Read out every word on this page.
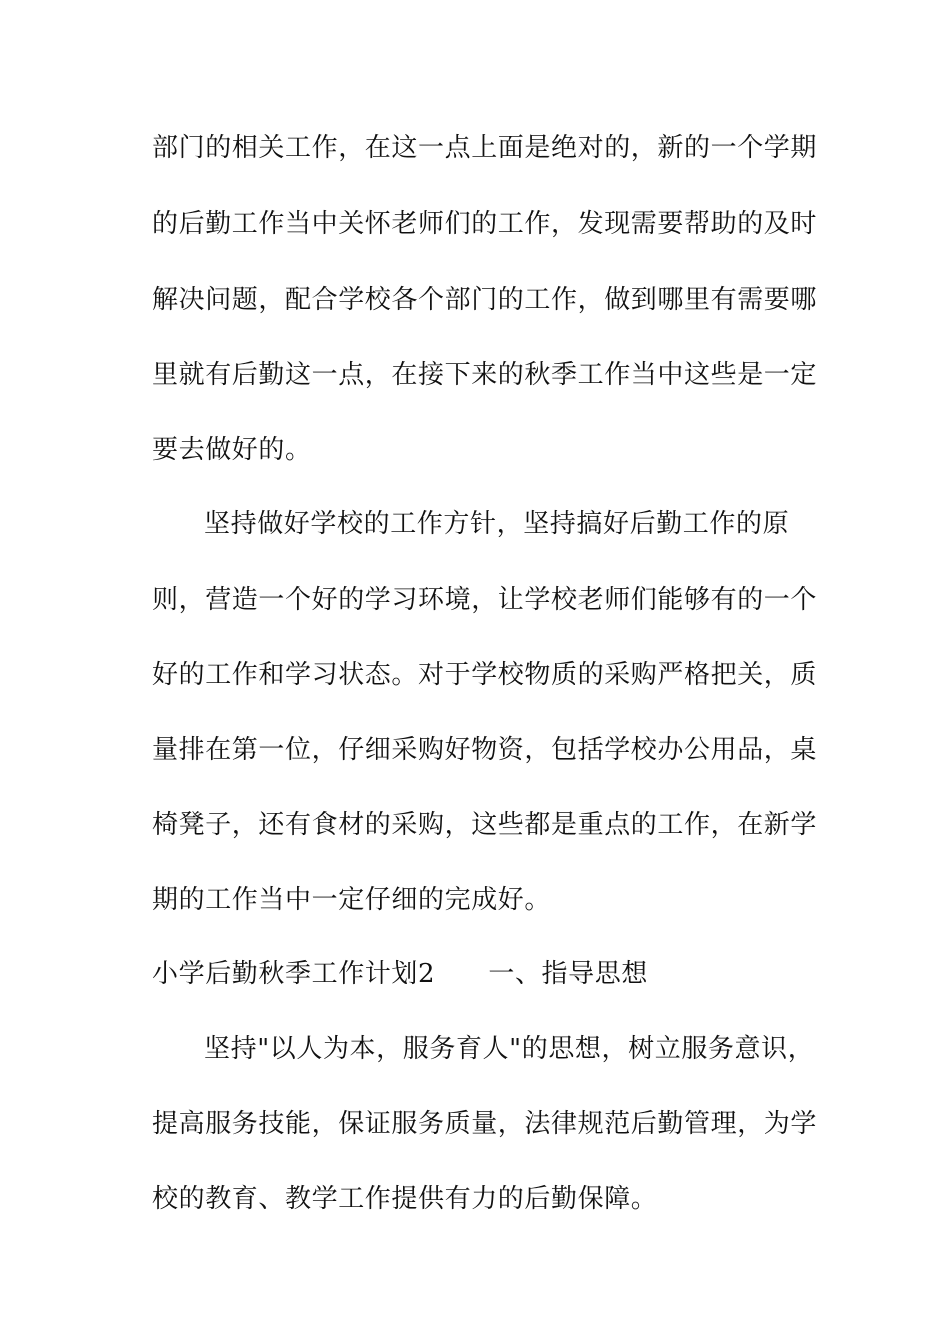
部门的相关工作，在这一点上面是绝对的，新的一个学期
的后勤工作当中关怀老师们的工作，发现需要帮助的及时
解决问题，配合学校各个部门的工作，做到哪里有需要哪
里就有后勤这一点，在接下来的秋季工作当中这些是一定
要去做好的。
坚持做好学校的工作方针，坚持搞好后勤工作的原
则，营造一个好的学习环境，让学校老师们能够有的一个
好的工作和学习状态。对于学校物质的采购严格把关，质
量排在第一位，仔细采购好物资，包括学校办公用品，桌
椅凳子，还有食材的采购，这些都是重点的工作，在新学
期的工作当中一定仔细的完成好。
小学后勤秋季工作计划2　　一、指导思想
坚持"以人为本，服务育人"的思想，树立服务意识，
提高服务技能，保证服务质量，法律规范后勤管理，为学
校的教育、教学工作提供有力的后勤保障。
